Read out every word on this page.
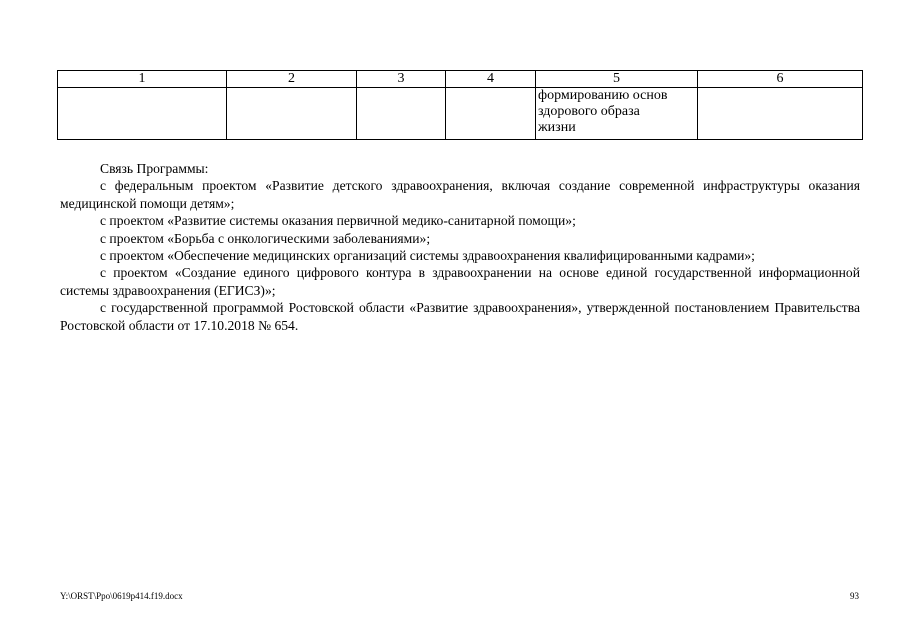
1	2	3	4	5	6

				формированию основ
здорового образа
жизни	

Связь Программы:

с федеральным проектом «Развитие детского здравоохранения, включая создание современной инфраструктуры оказания медицинской помощи детям»;

с проектом «Развитие системы оказания первичной медико-санитарной помощи»;

с проектом «Борьба с онкологическими заболеваниями»;

с проектом «Обеспечение медицинских организаций системы здравоохранения квалифицированными кадрами»;

с проектом «Создание единого цифрового контура в здравоохранении на основе единой государственной информационной системы здравоохранения (ЕГИСЗ)»;

с государственной программой Ростовской области «Развитие здравоохранения», утвержденной постановлением Правительства Ростовской области от 17.10.2018 № 654.

Y:\ORST\Ppo\0619p414.f19.docx	93
